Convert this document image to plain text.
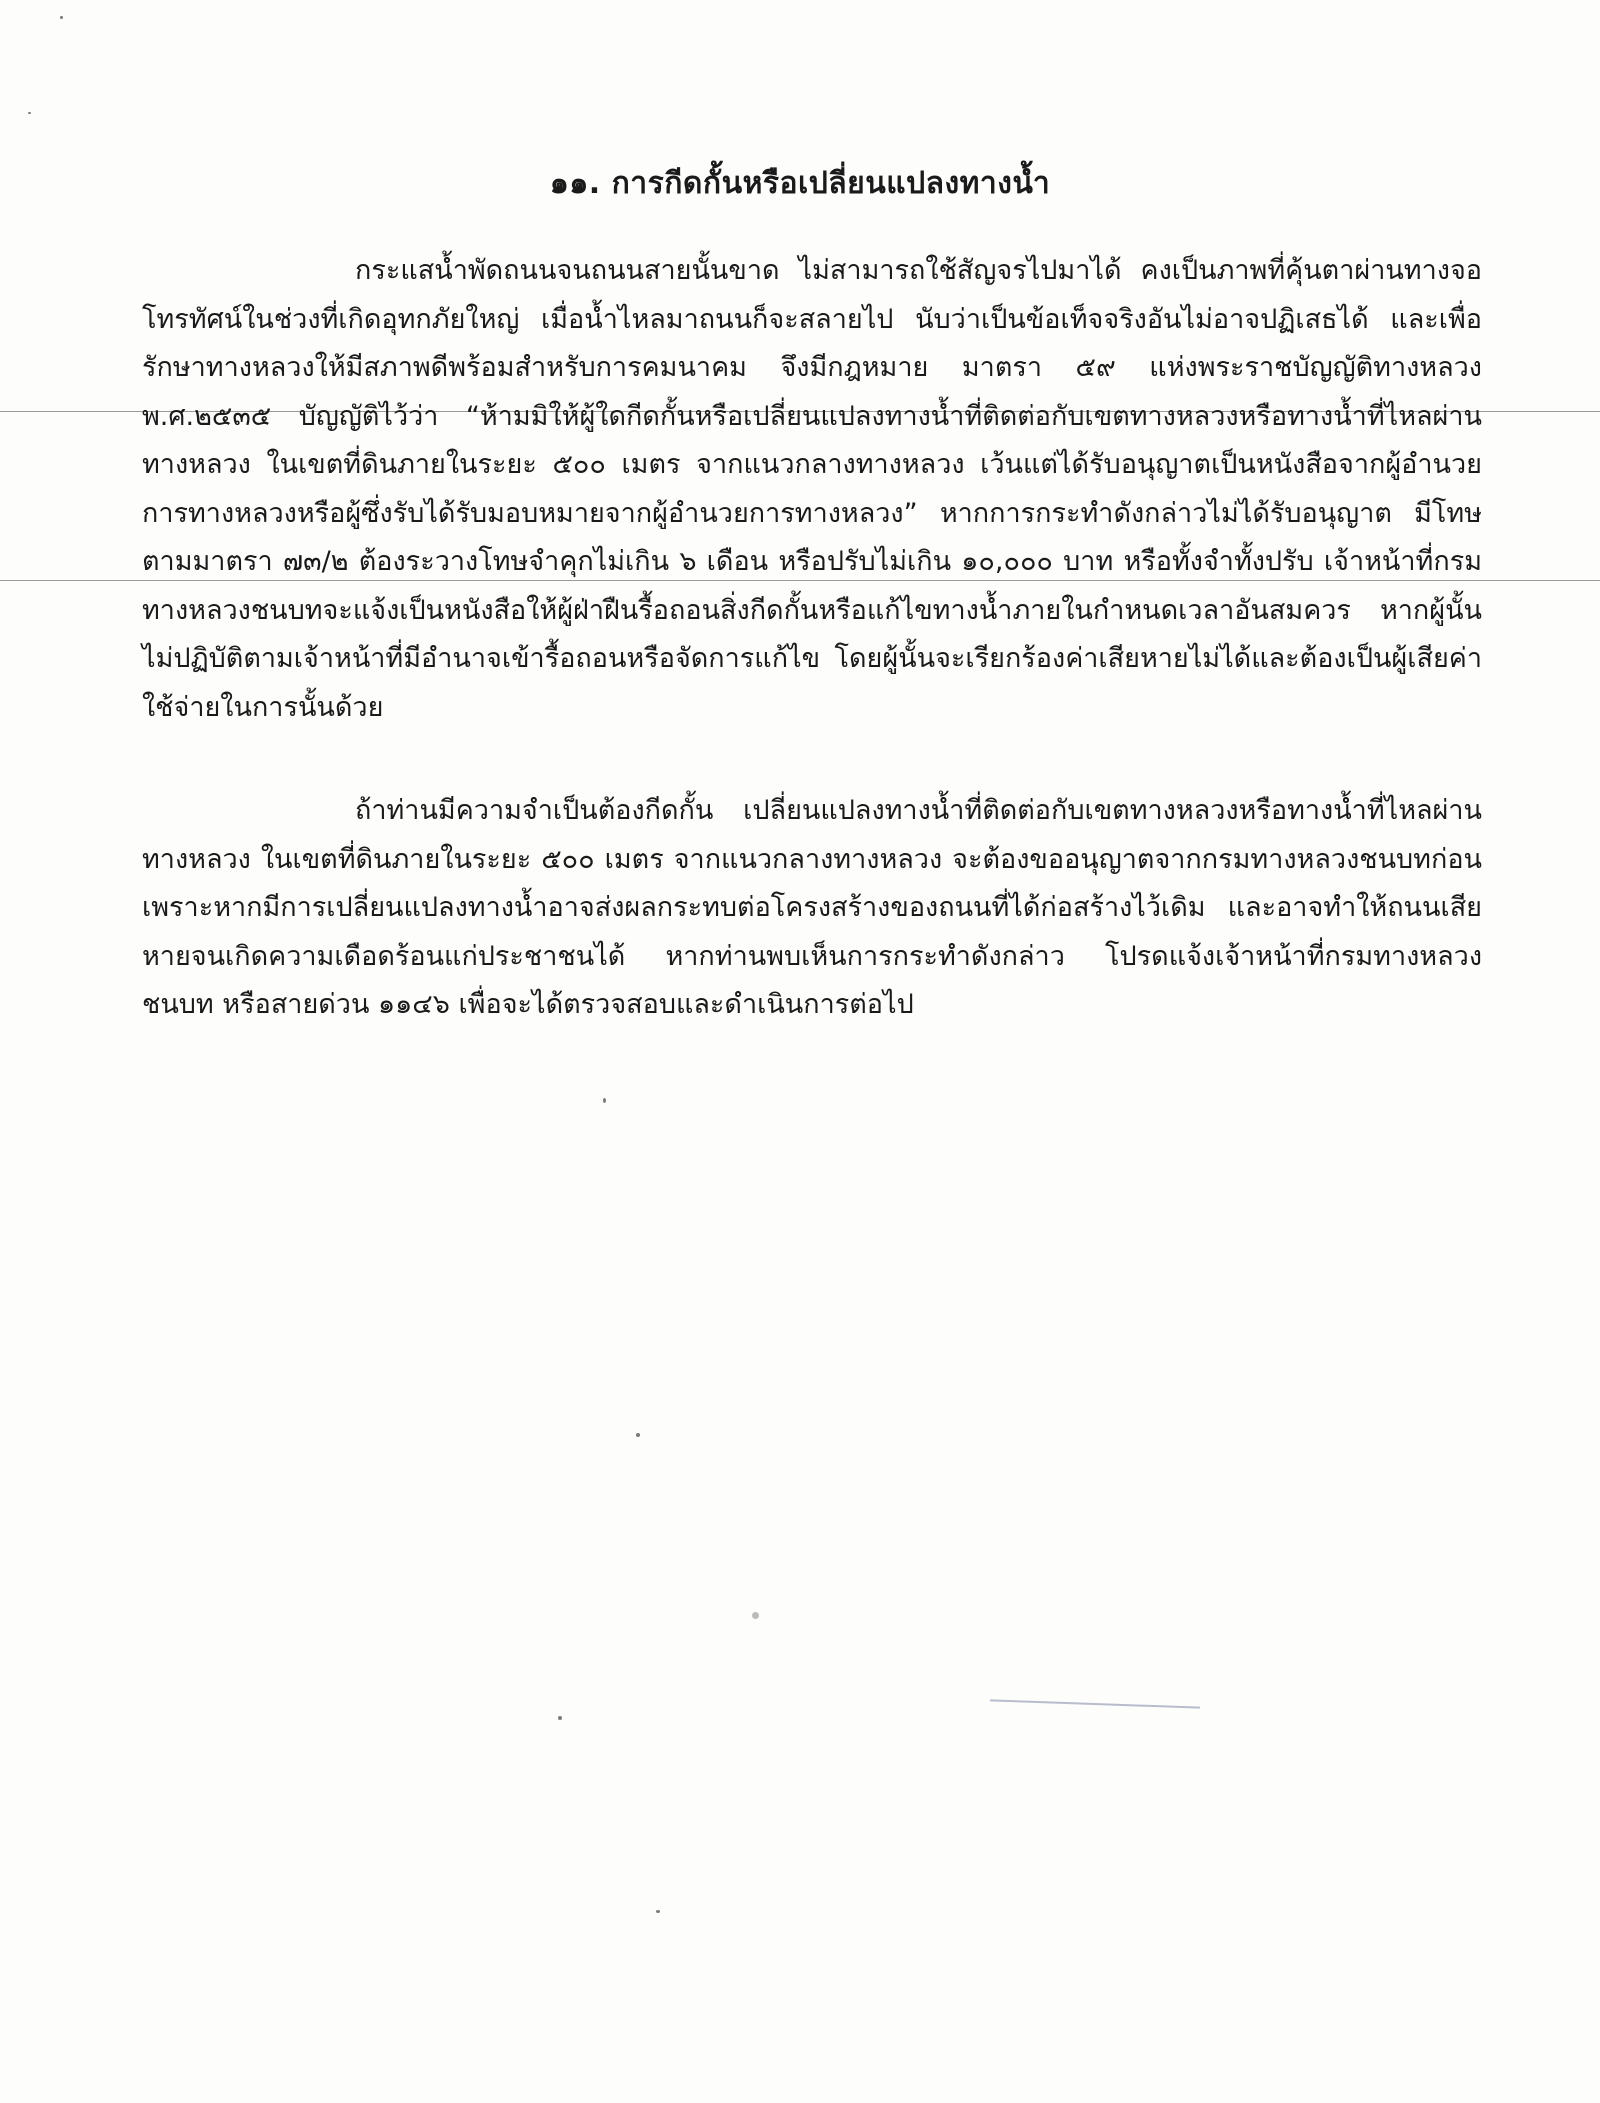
๑๑. การกีดกั้นหรือเปลี่ยนแปลงทางน้ำ

กระแสน้ำพัดถนนจนถนนสายนั้นขาด ไม่สามารถใช้สัญจรไปมาได้ คงเป็นภาพที่คุ้นตาผ่านทางจอโทรทัศน์ในช่วงที่เกิดอุทกภัยใหญ่ เมื่อน้ำไหลมาถนนก็จะสลายไป นับว่าเป็นข้อเท็จจริงอันไม่อาจปฏิเสธได้ และเพื่อรักษาทางหลวงให้มีสภาพดีพร้อมสำหรับการคมนาคม จึงมีกฎหมาย มาตรา ๕๙ แห่งพระราชบัญญัติทางหลวง พ.ศ.๒๕๓๕ บัญญัติไว้ว่า “ห้ามมิให้ผู้ใดกีดกั้นหรือเปลี่ยนแปลงทางน้ำที่ติดต่อกับเขตทางหลวงหรือทางน้ำที่ไหลผ่านทางหลวง ในเขตที่ดินภายในระยะ ๕๐๐ เมตร จากแนวกลางทางหลวง เว้นแต่ได้รับอนุญาตเป็นหนังสือจากผู้อำนวยการทางหลวงหรือผู้ซึ่งรับได้รับมอบหมายจากผู้อำนวยการทางหลวง” หากการกระทำดังกล่าวไม่ได้รับอนุญาต มีโทษตามมาตรา ๗๓/๒ ต้องระวางโทษจำคุกไม่เกิน ๖ เดือน หรือปรับไม่เกิน ๑๐,๐๐๐ บาท หรือทั้งจำทั้งปรับ เจ้าหน้าที่กรมทางหลวงชนบทจะแจ้งเป็นหนังสือให้ผู้ฝ่าฝืนรื้อถอนสิ่งกีดกั้นหรือแก้ไขทางน้ำภายในกำหนดเวลาอันสมควร หากผู้นั้นไม่ปฏิบัติตามเจ้าหน้าที่มีอำนาจเข้ารื้อถอนหรือจัดการแก้ไข โดยผู้นั้นจะเรียกร้องค่าเสียหายไม่ได้และต้องเป็นผู้เสียค่าใช้จ่ายในการนั้นด้วย

ถ้าท่านมีความจำเป็นต้องกีดกั้น เปลี่ยนแปลงทางน้ำที่ติดต่อกับเขตทางหลวงหรือทางน้ำที่ไหลผ่านทางหลวง ในเขตที่ดินภายในระยะ ๕๐๐ เมตร จากแนวกลางทางหลวง จะต้องขออนุญาตจากกรมทางหลวงชนบทก่อน เพราะหากมีการเปลี่ยนแปลงทางน้ำอาจส่งผลกระทบต่อโครงสร้างของถนนที่ได้ก่อสร้างไว้เดิม และอาจทำให้ถนนเสียหายจนเกิดความเดือดร้อนแก่ประชาชนได้ หากท่านพบเห็นการกระทำดังกล่าว โปรดแจ้งเจ้าหน้าที่กรมทางหลวงชนบท หรือสายด่วน ๑๑๔๖ เพื่อจะได้ตรวจสอบและดำเนินการต่อไป
